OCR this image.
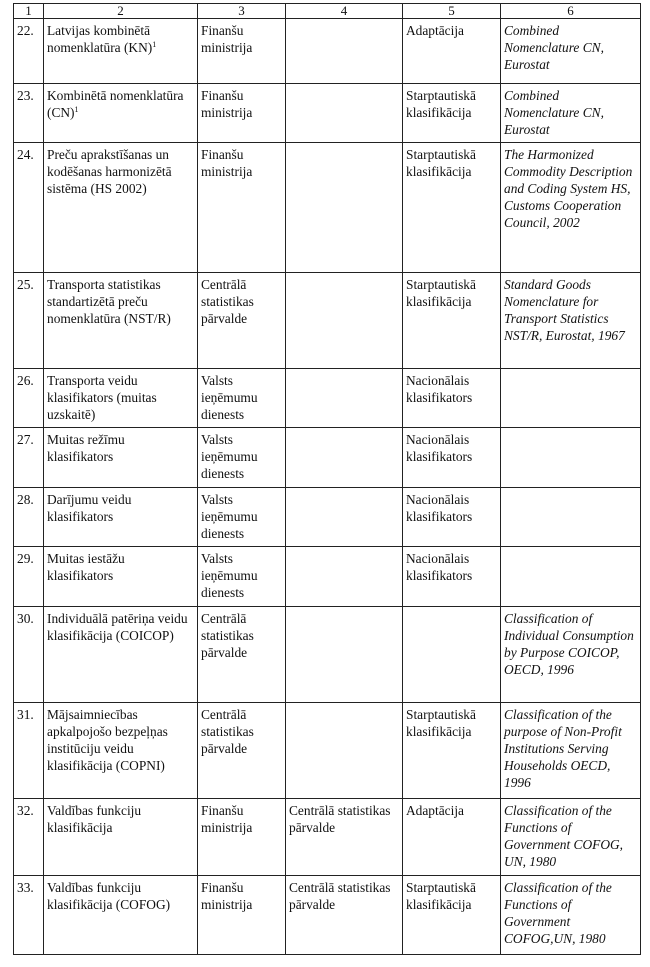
1	2	3	4	5	6
22.	Latvijas kombinētā nomenklatūra (KN)$^1$	Finanšu ministrija		Adaptācija	Combined Nomenclature CN, Eurostat
23.	Kombinētā nomenklatūra (CN)$^1$	Finanšu ministrija		Starptautiskā klasifikācija	Combined Nomenclature CN, Eurostat
24.	Preču aprakstīšanas un kodēšanas harmonizētā sistēma (HS 2002)	Finanšu ministrija		Starptautiskā klasifikācija	The Harmonized Commodity Description and Coding System HS, Customs Cooperation Council, 2002
25.	Transporta statistikas standartizētā preču nomenklatūra (NST/R)	Centrālā statistikas pārvalde		Starptautiskā klasifikācija	Standard Goods Nomenclature for Transport Statistics NST/R, Eurostat, 1967
26.	Transporta veidu klasifikators (muitas uzskaitē)	Valsts ieņēmumu dienests		Nacionālais klasifikators	
27.	Muitas režīmu klasifikators	Valsts ieņēmumu dienests		Nacionālais klasifikators	
28.	Darījumu veidu klasifikators	Valsts ieņēmumu dienests		Nacionālais klasifikators	
29.	Muitas iestāžu klasifikators	Valsts ieņēmumu dienests		Nacionālais klasifikators	
30.	Individuālā patēriņa veidu klasifikācija (COICOP)	Centrālā statistikas pārvalde			Classification of Individual Consumption by Purpose COICOP, OECD, 1996
31.	Mājsaimniecības apkalpojošo bezpeļņas institūciju veidu klasifikācija (COPNI)	Centrālā statistikas pārvalde		Starptautiskā klasifikācija	Classification of the purpose of Non-Profit Institutions Serving Households OECD, 1996
32.	Valdības funkciju klasifikācija	Finanšu ministrija	Centrālā statistikas pārvalde	Adaptācija	Classification of the Functions of Government COFOG, UN, 1980
33.	Valdības funkciju klasifikācija (COFOG)	Finanšu ministrija	Centrālā statistikas pārvalde	Starptautiskā klasifikācija	Classification of the Functions of Government COFOG,UN, 1980
